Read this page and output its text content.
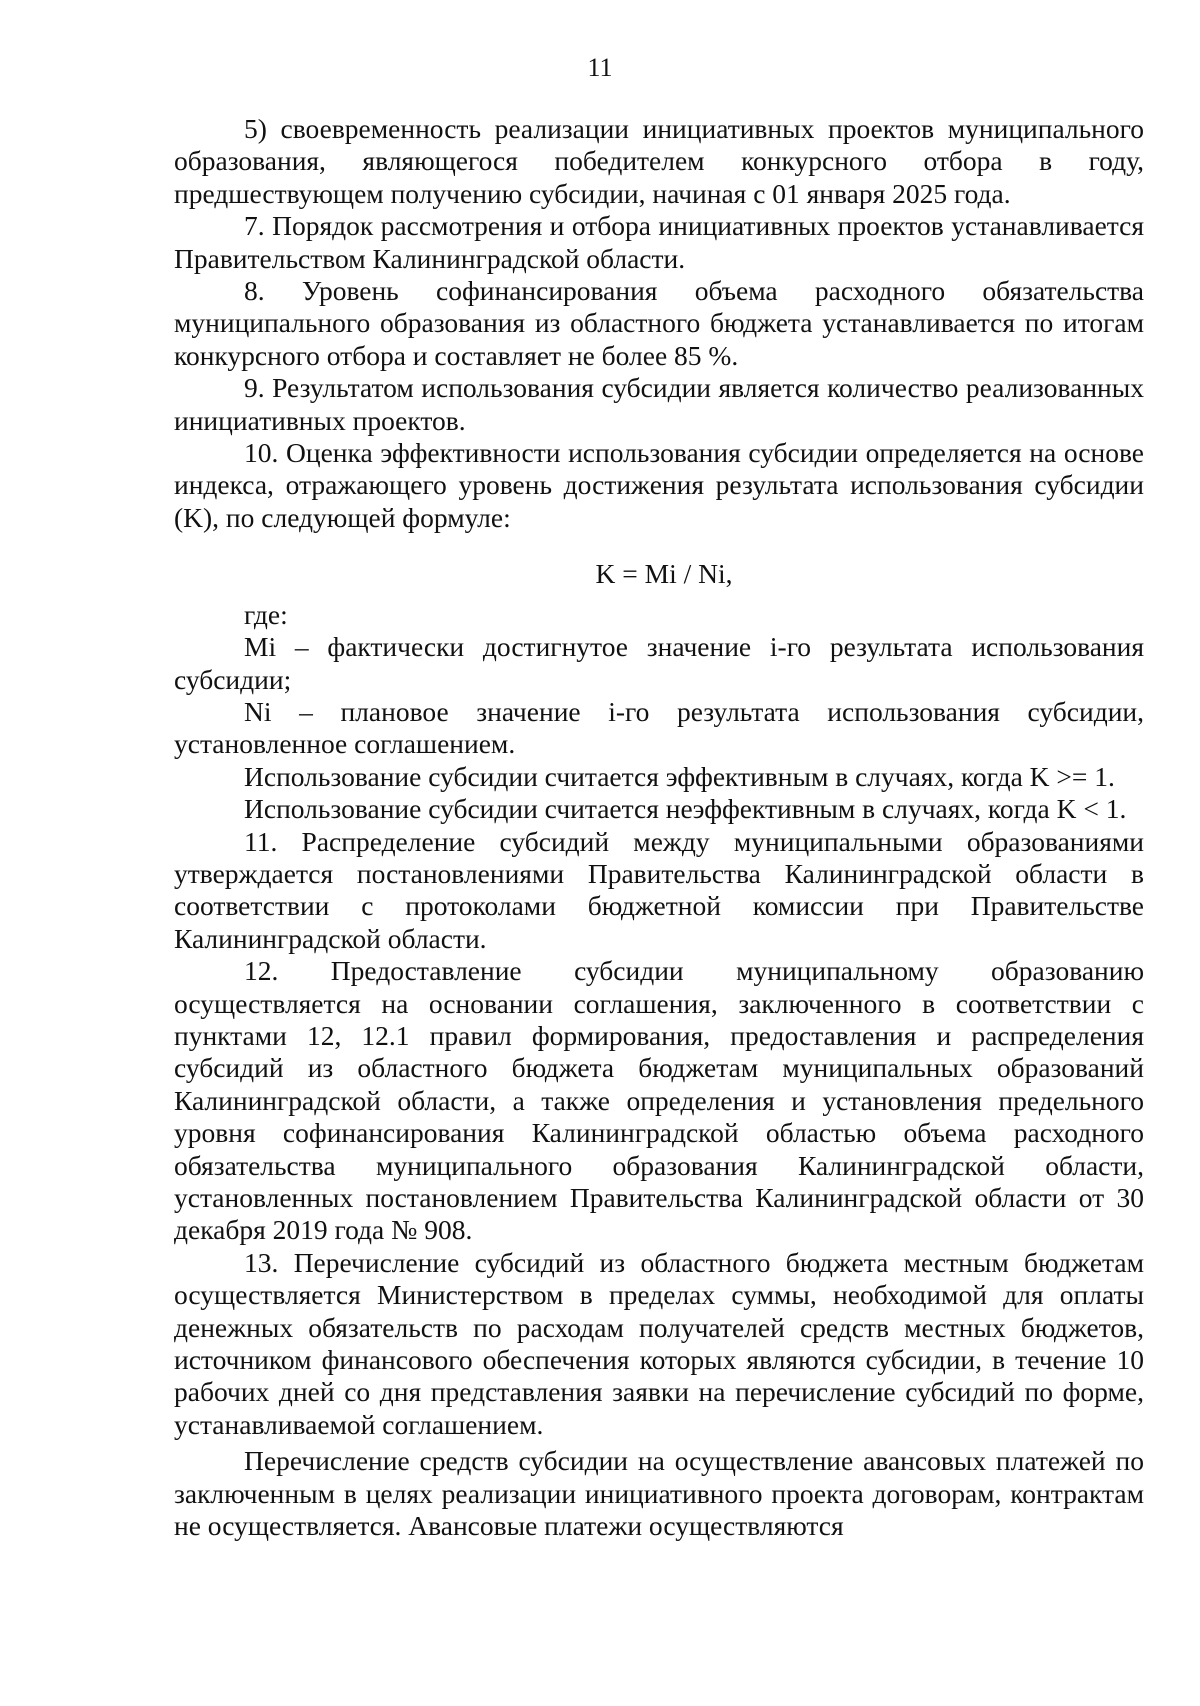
11

5) своевременность реализации инициативных проектов муниципального образования, являющегося победителем конкурсного отбора в году, предшествующем получению субсидии, начиная с 01 января 2025 года.

7. Порядок рассмотрения и отбора инициативных проектов устанавливается Правительством Калининградской области.

8. Уровень софинансирования объема расходного обязательства муниципального образования из областного бюджета устанавливается по итогам конкурсного отбора и составляет не более 85 %.

9. Результатом использования субсидии является количество реализованных инициативных проектов.

10. Оценка эффективности использования субсидии определяется на основе индекса, отражающего уровень достижения результата использования субсидии (K), по следующей формуле:

K = Mi / Ni,

где:

Mi – фактически достигнутое значение i-го результата использования субсидии;

Ni – плановое значение i-го результата использования субсидии, установленное соглашением.

Использование субсидии считается эффективным в случаях, когда K >= 1.

Использование субсидии считается неэффективным в случаях, когда K < 1.

11. Распределение субсидий между муниципальными образованиями утверждается постановлениями Правительства Калининградской области в соответствии с протоколами бюджетной комиссии при Правительстве Калининградской области.

12. Предоставление субсидии муниципальному образованию осуществляется на основании соглашения, заключенного в соответствии с пунктами 12, 12.1 правил формирования, предоставления и распределения субсидий из областного бюджета бюджетам муниципальных образований Калининградской области, а также определения и установления предельного уровня софинансирования Калининградской областью объема расходного обязательства муниципального образования Калининградской области, установленных постановлением Правительства Калининградской области от 30 декабря 2019 года № 908.

13. Перечисление субсидий из областного бюджета местным бюджетам осуществляется Министерством в пределах суммы, необходимой для оплаты денежных обязательств по расходам получателей средств местных бюджетов, источником финансового обеспечения которых являются субсидии, в течение 10 рабочих дней со дня представления заявки на перечисление субсидий по форме, устанавливаемой соглашением.

Перечисление средств субсидии на осуществление авансовых платежей по заключенным в целях реализации инициативного проекта договорам, контрактам не осуществляется. Авансовые платежи осуществляются
